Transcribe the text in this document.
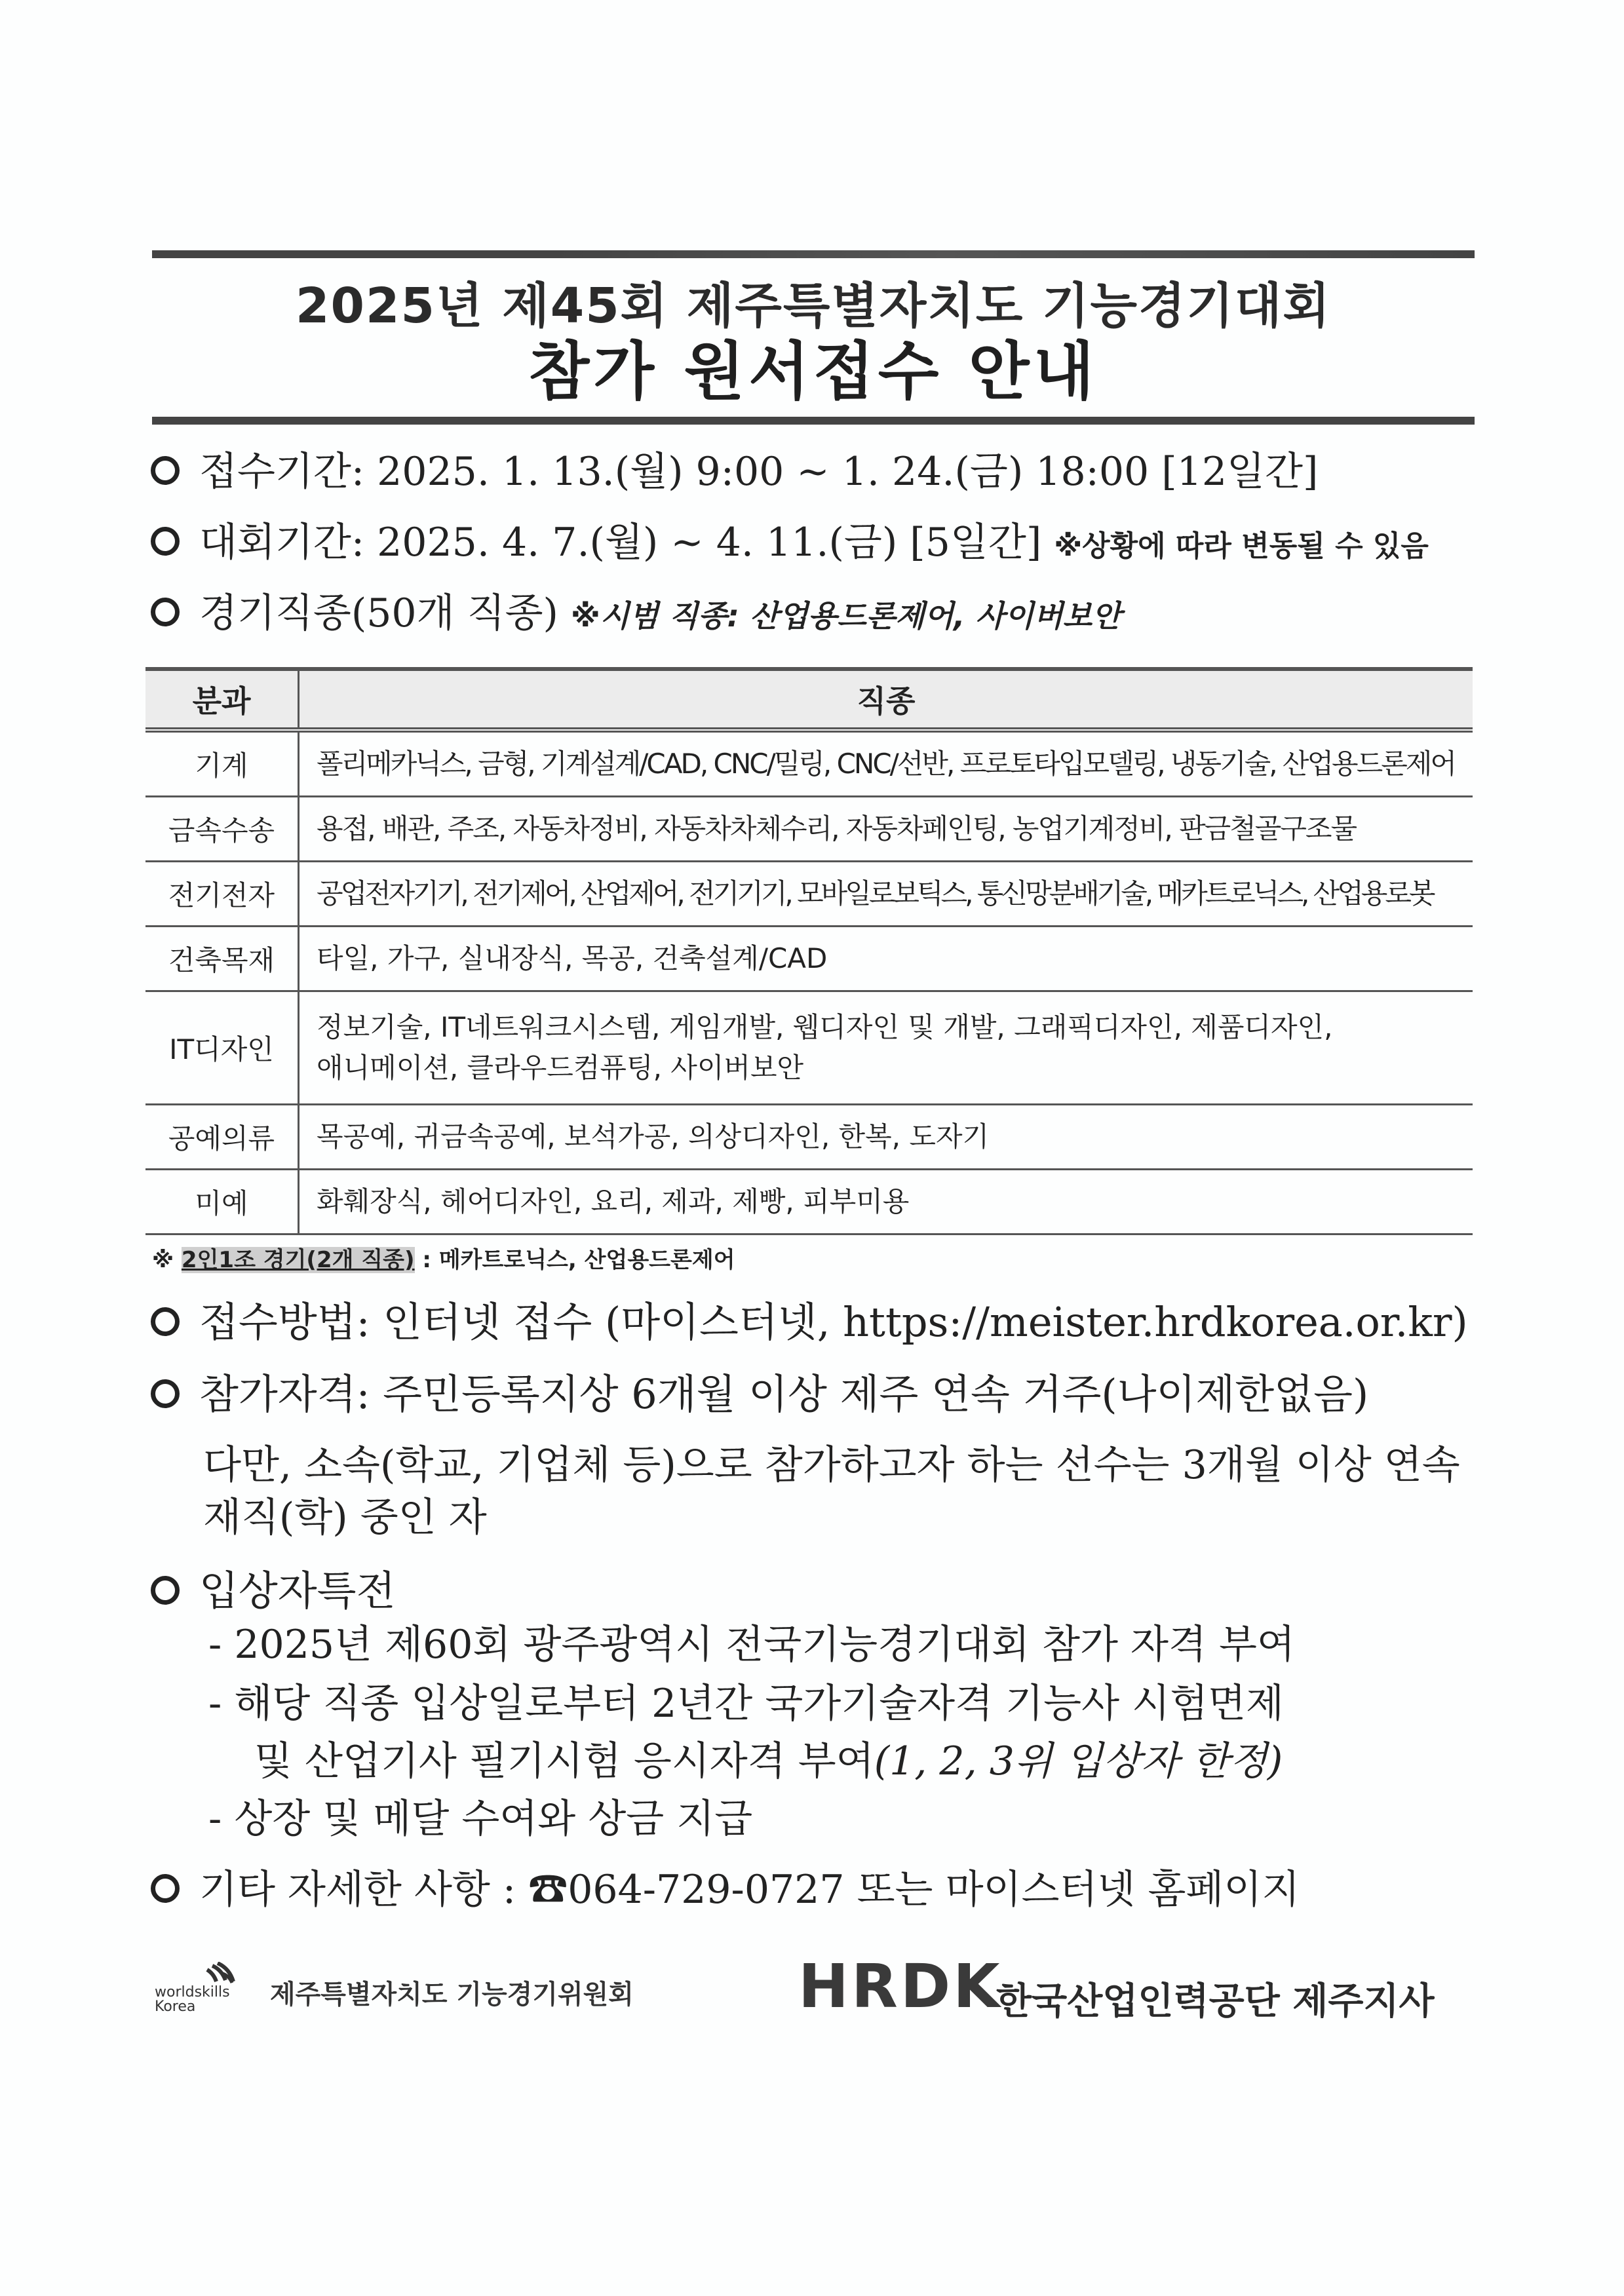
2025년 제45회 제주특별자치도 기능경기대회
참가 원서접수 안내
접수기간: 2025. 1. 13.(월) 9:00 ~ 1. 24.(금) 18:00 [12일간]
대회기간: 2025. 4. 7.(월) ~ 4. 11.(금) [5일간] ※상황에 따라 변동될 수 있음
경기직종(50개 직종) ※시범 직종: 산업용드론제어, 사이버보안
분과	직종
기계	폴리메카닉스, 금형, 기계설계/CAD, CNC/밀링, CNC/선반, 프로토타입모델링, 냉동기술, 산업용드론제어
금속수송	용접, 배관, 주조, 자동차정비, 자동차차체수리, 자동차페인팅, 농업기계정비, 판금철골구조물
전기전자	공업전자기기, 전기제어, 산업제어, 전기기기, 모바일로보틱스, 통신망분배기술, 메카트로닉스, 산업용로봇
건축목재	타일, 가구, 실내장식, 목공, 건축설계/CAD
IT디자인	정보기술, IT네트워크시스템, 게임개발, 웹디자인 및 개발, 그래픽디자인, 제품디자인,
애니메이션, 클라우드컴퓨팅, 사이버보안

공예의류	목공예, 귀금속공예, 보석가공, 의상디자인, 한복, 도자기
미예	화훼장식, 헤어디자인, 요리, 제과, 제빵, 피부미용
※ 2인1조 경기(2개 직종) : 메카트로닉스, 산업용드론제어
접수방법: 인터넷 접수 (마이스터넷, https://meister.hrdkorea.or.kr)
참가자격: 주민등록지상 6개월 이상 제주 연속 거주(나이제한없음)
다만, 소속(학교, 기업체 등)으로 참가하고자 하는 선수는 3개월 이상 연속
재직(학) 중인 자
입상자특전
- 2025년 제60회 광주광역시 전국기능경기대회 참가 자격 부여
- 해당 직종 입상일로부터 2년간 국가기술자격 기능사 시험면제
및 산업기사 필기시험 응시자격 부여(1, 2, 3위 입상자 한정)
- 상장 및 메달 수여와 상금 지급
기타 자세한 사항 : ☎064-729-0727 또는 마이스터넷 홈페이지
worldskills
Korea	제주특별자치도 기능경기위원회	HRDK
한국산업인력공단 제주지사
